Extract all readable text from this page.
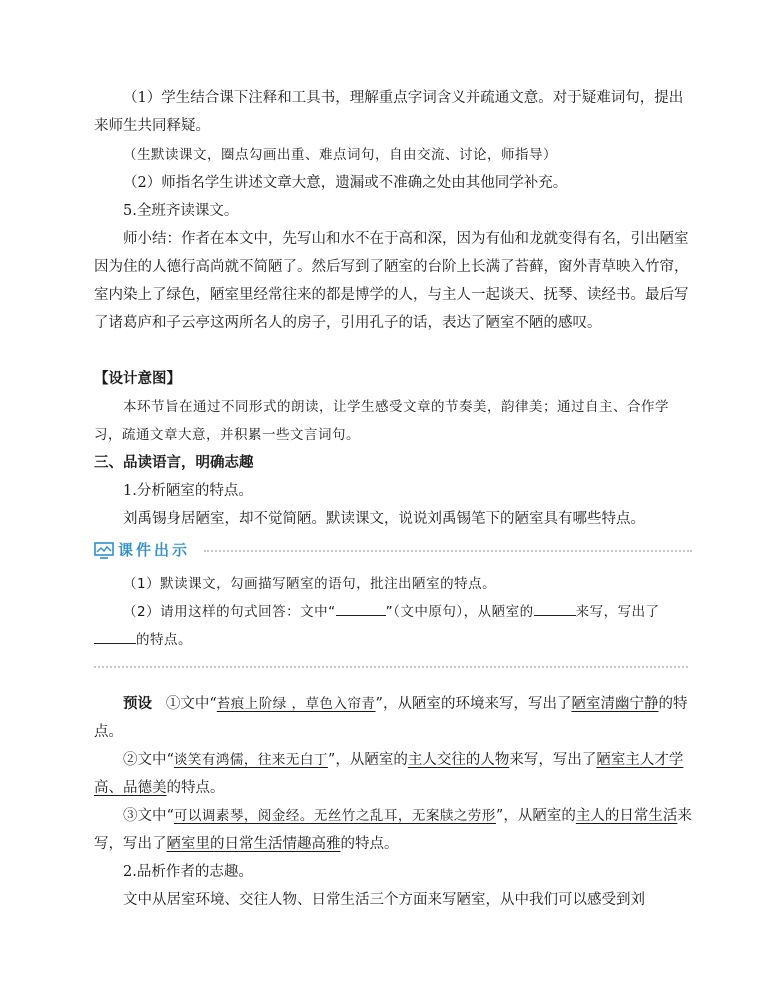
（1）学生结合课下注释和工具书，理解重点字词含义并疏通文意。对于疑难词句，提出来师生共同释疑。
（生默读课文，圈点勾画出重、难点词句，自由交流、讨论，师指导）
（2）师指名学生讲述文章大意，遗漏或不准确之处由其他同学补充。
5.全班齐读课文。
师小结：作者在本文中，先写山和水不在于高和深，因为有仙和龙就变得有名，引出陋室因为住的人德行高尚就不简陋了。然后写到了陋室的台阶上长满了苔藓，窗外青草映入竹帘，室内染上了绿色，陋室里经常往来的都是博学的人，与主人一起谈天、抚琴、读经书。最后写了诸葛庐和子云亭这两所名人的房子，引用孔子的话，表达了陋室不陋的感叹。
【设计意图】
本环节旨在通过不同形式的朗读，让学生感受文章的节奏美，韵律美；通过自主、合作学习，疏通文章大意，并积累一些文言词句。
三、品读语言，明确志趣
1.分析陋室的特点。
刘禹锡身居陋室，却不觉简陋。默读课文，说说刘禹锡笔下的陋室具有哪些特点。
课件出示
（1）默读课文，勾画描写陋室的语句，批注出陋室的特点。
（2）请用这样的句式回答：文中“	”（文中原句），从陋室的	来写，写出了的特点。
预设 ①文中“苔痕上阶绿 ，草色入帘青”，从陋室的环境来写，写出了陋室清幽宁静的特点。
②文中“谈笑有鸿儒，往来无白丁”，从陋室的主人交往的人物来写，写出了陋室主人才学高、品德美的特点。
③文中“可以调素琴，阅金经。无丝竹之乱耳，无案牍之劳形”，从陋室的主人的日常生活来写，写出了陋室里的日常生活情趣高雅的特点。
2.品析作者的志趣。
文中从居室环境、交往人物、日常生活三个方面来写陋室，从中我们可以感受到刘
